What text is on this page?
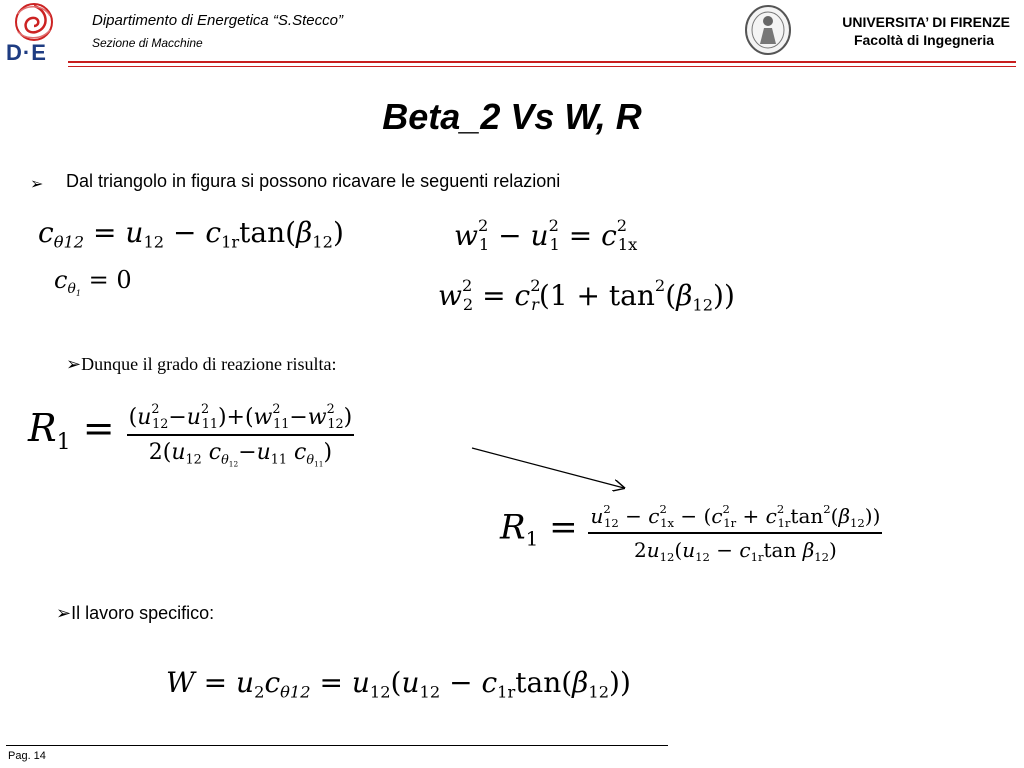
D·E
Dipartimento di Energetica “S.Stecco”
Sezione di Macchine
UNIVERSITA’ DI FIRENZE
Facoltà di Ingegneria
Beta_2 Vs W, R
➢ Dal triangolo in figura si possono ricavare le seguenti relazioni
➢Dunque il grado di reazione risulta:
$c_{\theta 12} = u_{12} - c_{1r}\tan(\beta_{12})$
$c_{\theta_1} = 0$
$w^2_1 - u^2_1 = c^2_{1x}$
$w^2_2 = c^2_r(1 + \tan^2(\beta_{12}))$
$R1 = \frac{(u^2_{12}-u^2_{11})+(w^2_{11}-w^2_{12})}{2(u_{12} c_{\theta_{12}}-u_{11} c_{\theta_{11}})}$
$R1 = \frac{u^2_{12} - c^2_{1x} - (c^2_{1r} + c^2_{1r}\tan^2(\beta_{12}))}{2u_{12}(u_{12} - c_{1r}\tan \beta_{12})}$
➢Il lavoro specifico:
$W = u_2c_{\theta 12} = u_{12}(u_{12} - c_{1r}\tan(\beta_{12}))$
Pag. 14
